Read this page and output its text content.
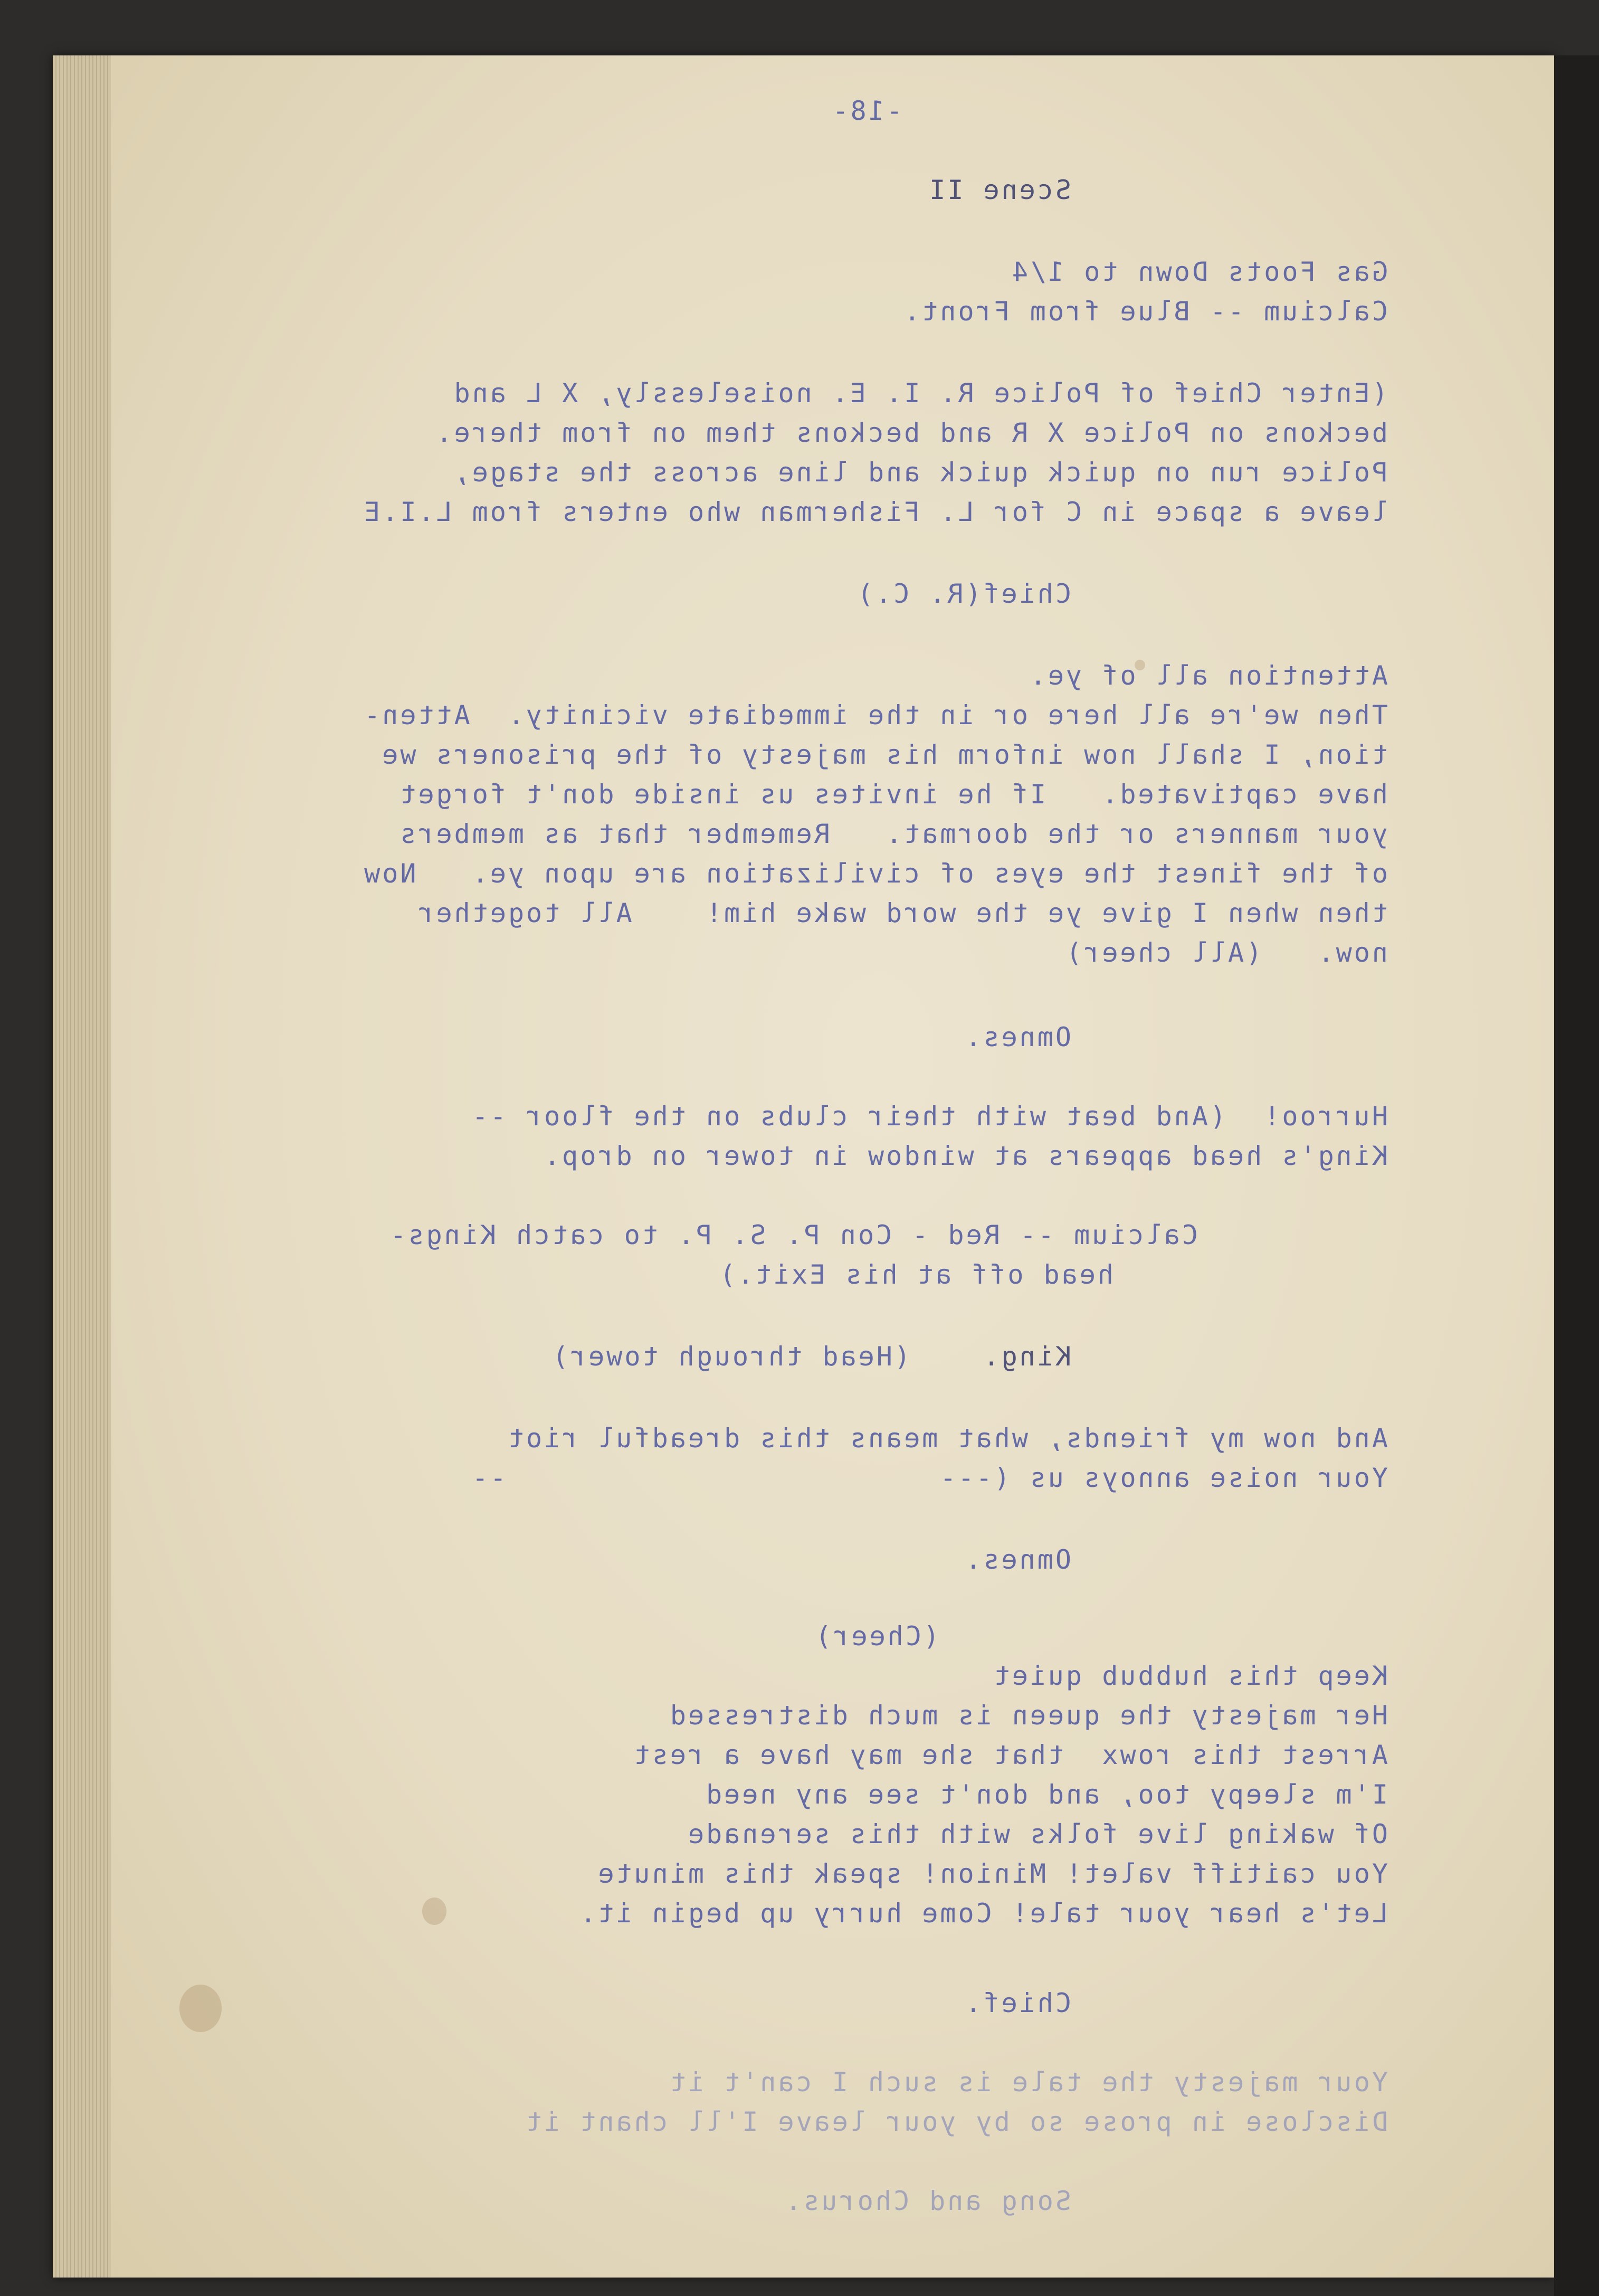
-18-
Scene II
Gas Foots Down to 1/4
Calcium -- Blue from Front.
(Enter Chief of Police R. I. E. noiselessly, X L and
beckons on Police X R and beckons them on from there.
Police run on quick quick and line across the stage,
leave a space in C for L. Fisherman who enters from L.I.E
Chief(R. C.)
Attention all of ye.
Then we're all here or in the immediate vicinity.  Atten-
tion, I shall now inform his majesty of the prisoners we
have captivated.   If he invites us inside don't forget
your manners or the doormat.   Remember that as members
of the finest the eyes of civilization are upon ye.   Now
then when I give ye the word wake him!    All together
now.   (All cheer)
Omnes.
Hurroo!  (And beat with their clubs on the floor --
King's head appears at window in tower on drop.
Calcium -- Red - Con P. S. P. to catch Kings-
head off at his Exit.)
King.
(Head through tower)
And now my friends, what means this dreadful riot
Your noise annoys us (---                        --
Omnes.
(Cheer)
Keep this hubbub quiet
Her majesty the queen is much distressed
Arrest this rowx  that she may have a rest
I'm sleepy too, and don't see any need
Of waking live folks with this serenade
You caitiff valet! Minion! speak this minute
Let's hear your tale! Come hurry up begin it.
Chief.
Your majesty the tale is such I can't it
Disclose in prose so by your leave I'll chant it
Song and Chorus.
